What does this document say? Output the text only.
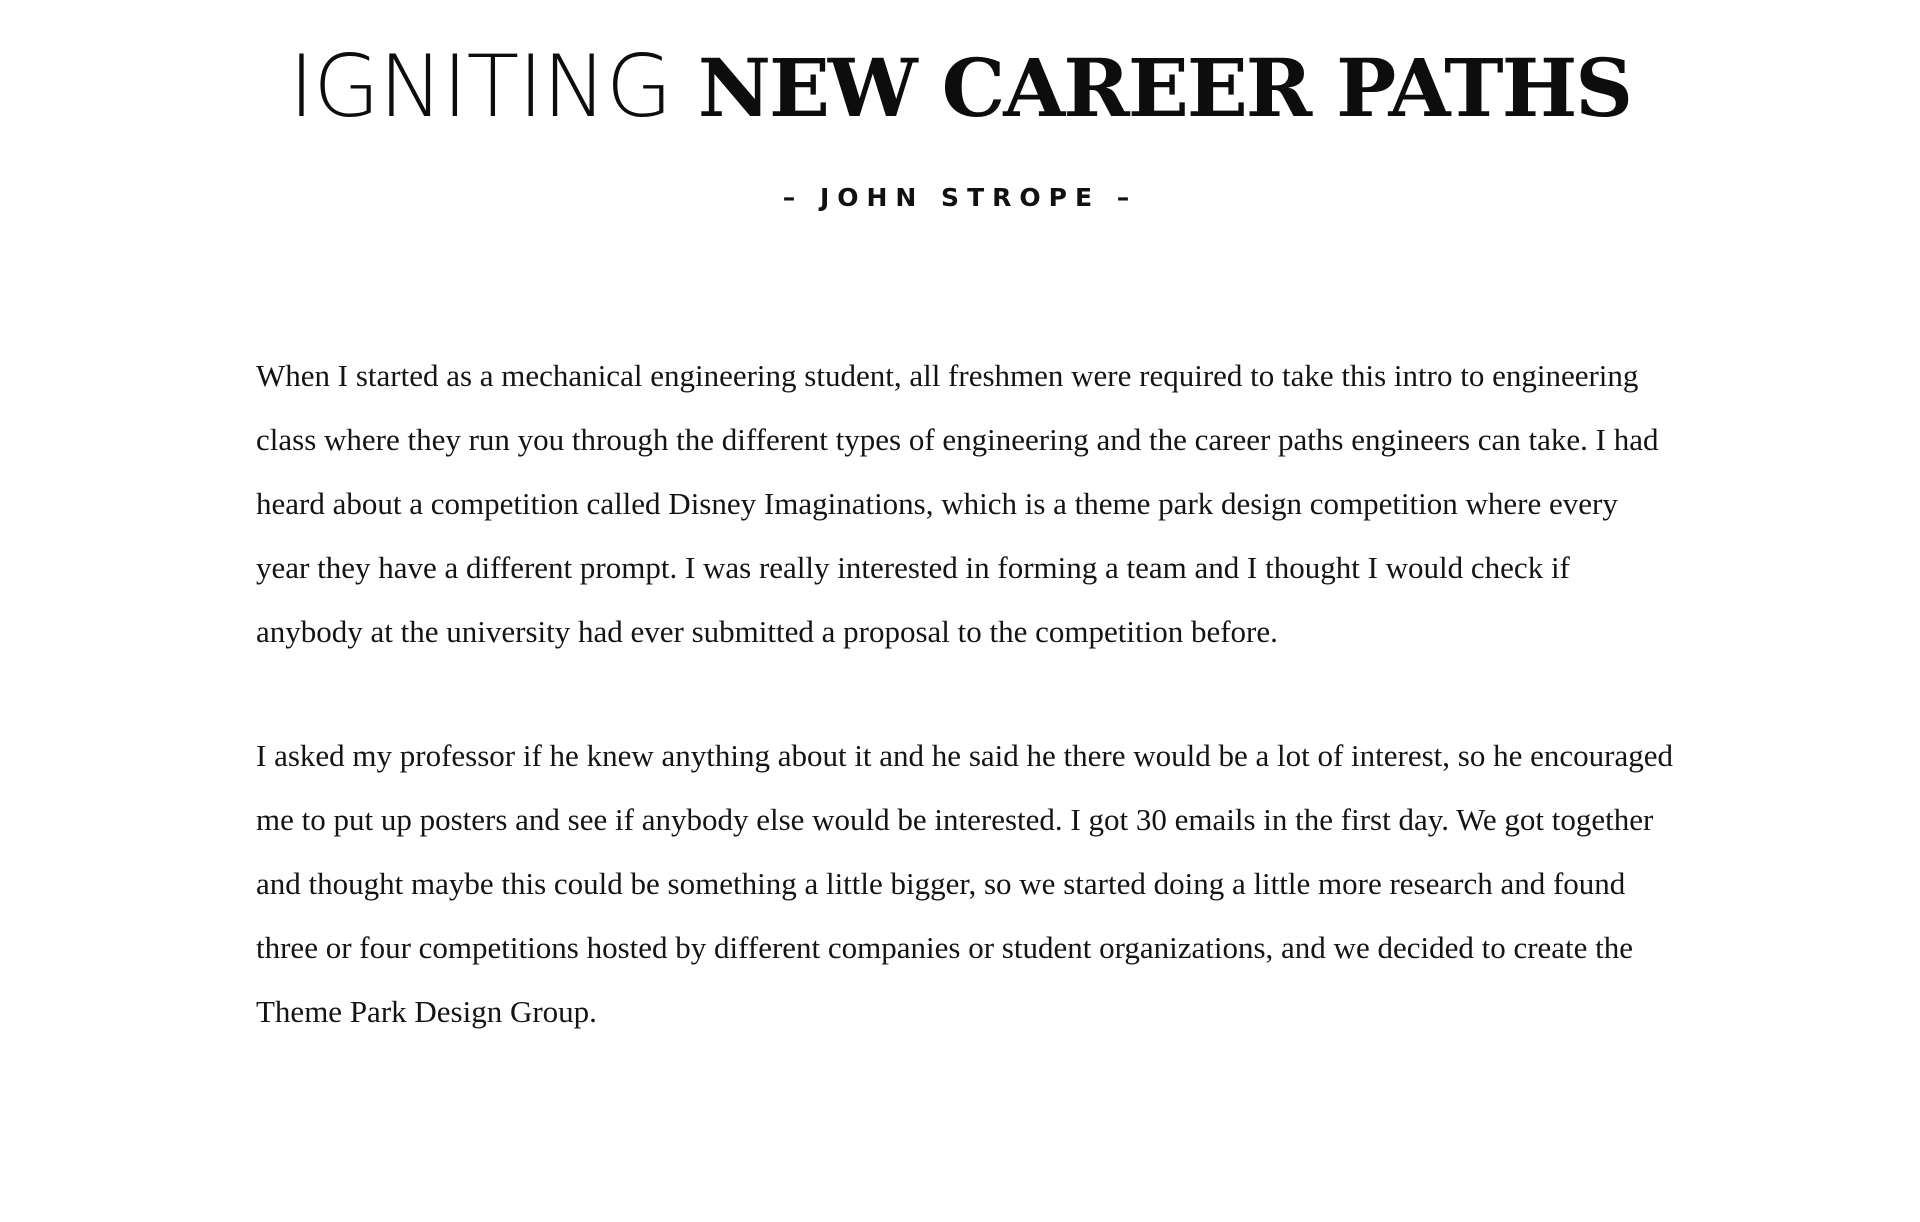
IGNITING NEW CAREER PATHS
– JOHN STROPE –

When I started as a mechanical engineering student, all freshmen were required to take this intro to engineering class where they run you through the different types of engineering and the career paths engineers can take. I had heard about a competition called Disney Imaginations, which is a theme park design competition where every year they have a different prompt. I was really interested in forming a team and I thought I would check if anybody at the university had ever submitted a proposal to the competition before.

I asked my professor if he knew anything about it and he said he there would be a lot of interest, so he encouraged me to put up posters and see if anybody else would be interested. I got 30 emails in the first day. We got together and thought maybe this could be something a little bigger, so we started doing a little more research and found three or four competitions hosted by different companies or student organizations, and we decided to create the Theme Park Design Group.
